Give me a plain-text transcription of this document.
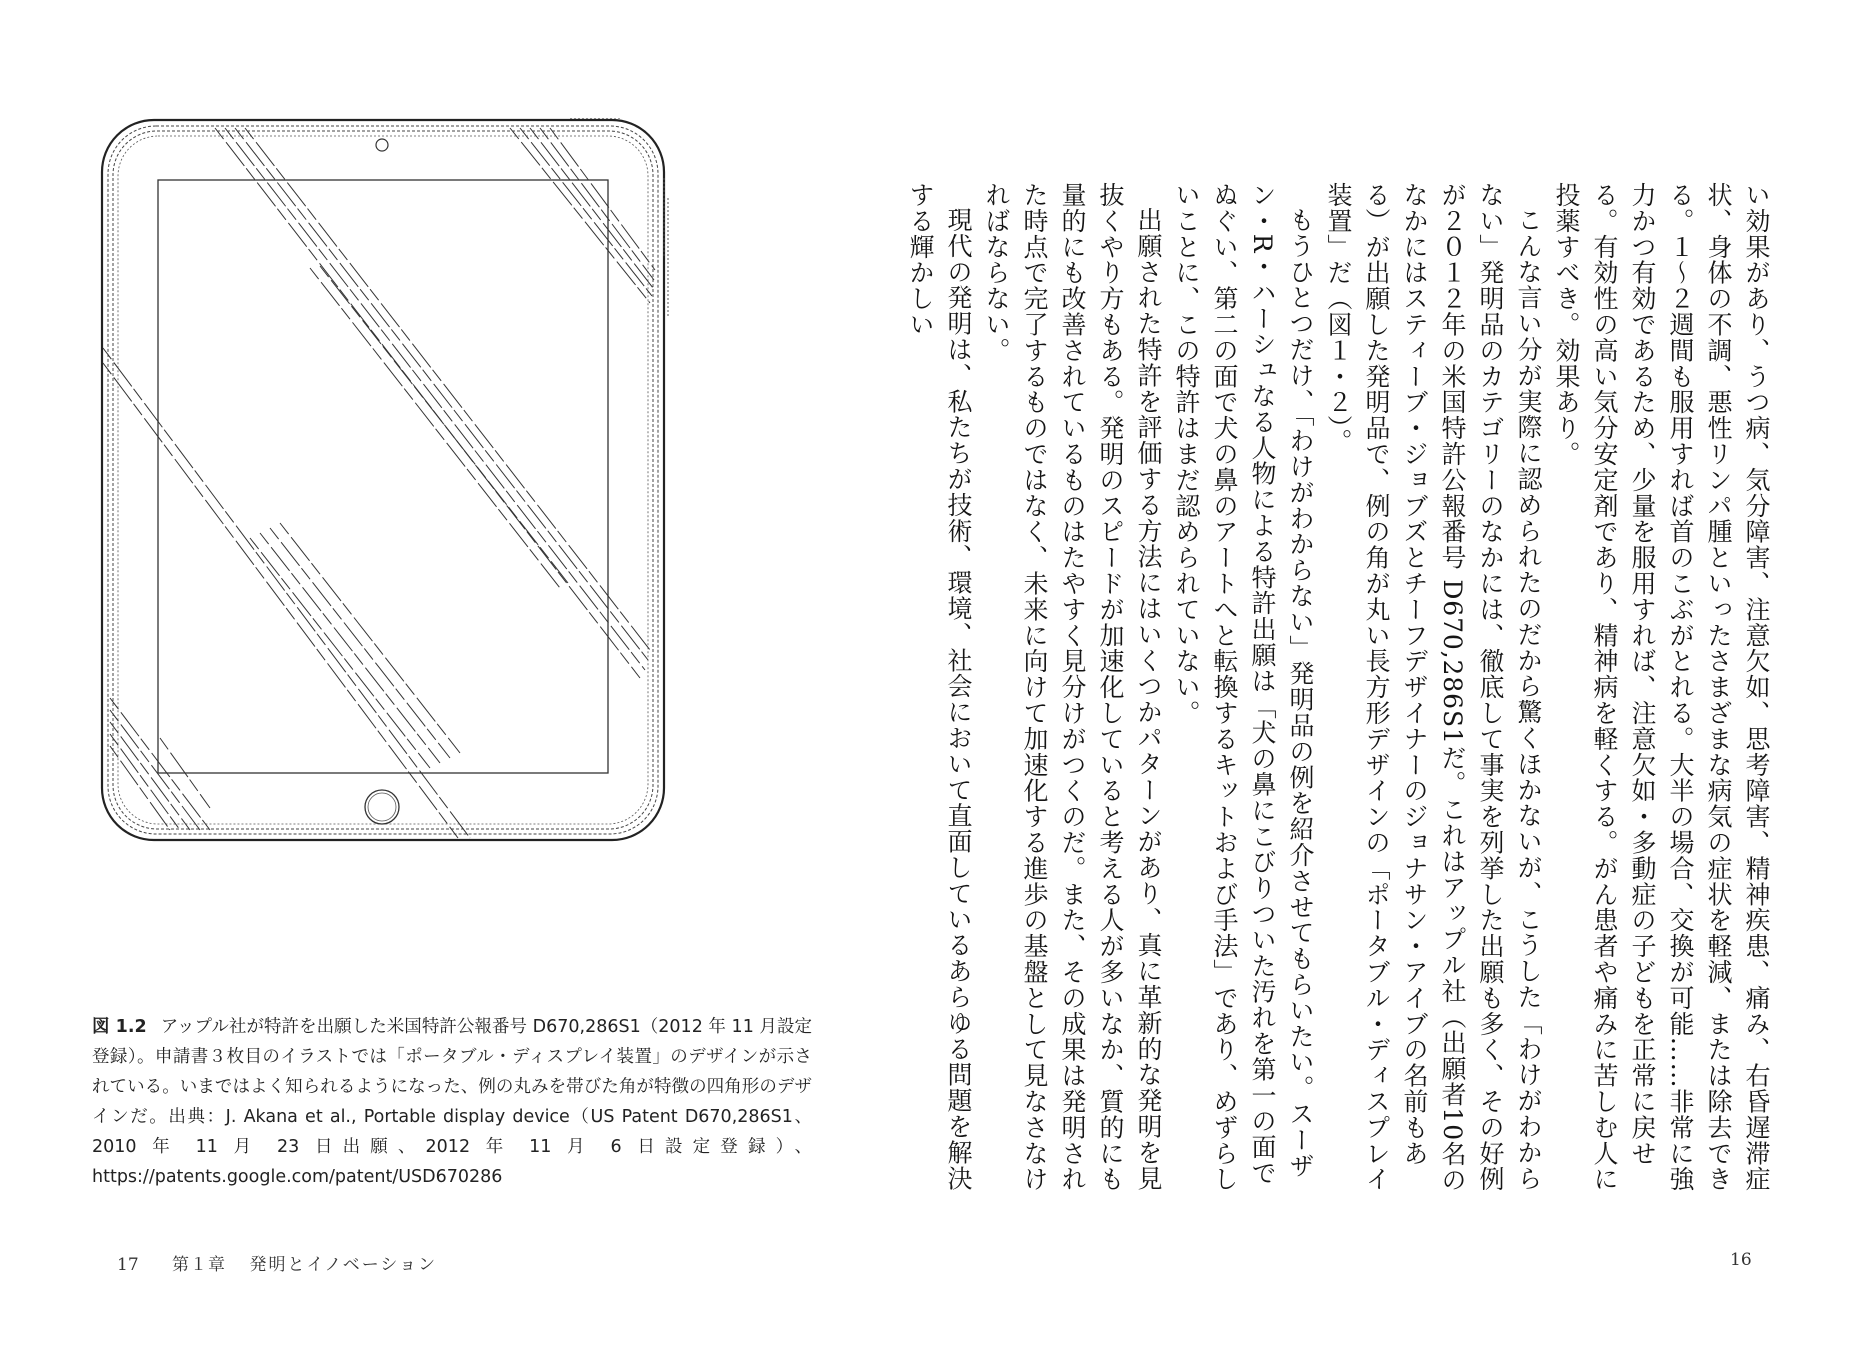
図 1.2 アップル社が特許を出願した米国特許公報番号 D670,286S1（2012 年 11 月設定登録）。申請書３枚目のイラストでは「ポータブル・ディスプレイ装置」のデザインが示されている。いまではよく知られるようになった、例の丸みを帯びた角が特徴の四角形のデザインだ。出典：J. Akana et al., Portable display device（US Patent D670,286S1、2010 年 11 月 23 日出願、2012 年 11 月 6 日設定登録）、https://patents.google.com/patent/USD670286
17 第１章 発明とイノベーション

い効果があり、うつ病、気分障害、注意欠如、思考障害、精神疾患、痛み、右昏遅滞症状、身体の不調、悪性リンパ腫といったさまざまな病気の症状を軽減、または除去できる。１〜２週間も服用すれば首のこぶがとれる。大半の場合、交換が可能……非常に強力かつ有効であるため、少量を服用すれば、注意欠如・多動症の子どもを正常に戻せる。有効性の高い気分安定剤であり、精神病を軽くする。がん患者や痛みに苦しむ人に投薬すべき。効果あり。

こんな言い分が実際に認められたのだから驚くほかないが、こうした「わけがわからない」発明品のカテゴリーのなかには、徹底して事実を列挙した出願も多く、その好例が２０１２年の米国特許公報番号 D670,286S1だ。これはアップル社（出願者10名のなかにはスティーブ・ジョブズとチーフデザイナーのジョナサン・アイブの名前もある）が出願した発明品で、例の角が丸い長方形デザインの「ポータブル・ディスプレイ装置」だ（図１・２）。

もうひとつだけ、「わけがわからない」発明品の例を紹介させてもらいたい。スーザン・R・ハーシュなる人物による特許出願は「犬の鼻にこびりついた汚れを第一の面でぬぐい、第二の面で犬の鼻のアートへと転換するキットおよび手法」であり、めずらしいことに、この特許はまだ認められていない。

出願された特許を評価する方法にはいくつかパターンがあり、真に革新的な発明を見抜くやり方もある。発明のスピードが加速化していると考える人が多いなか、質的にも量的にも改善されているものはたやすく見分けがつくのだ。また、その成果は発明された時点で完了するものではなく、未来に向けて加速化する進歩の基盤として見なさなければならない。

現代の発明は、私たちが技術、環境、社会において直面しているあらゆる問題を解決する輝かしい

16
